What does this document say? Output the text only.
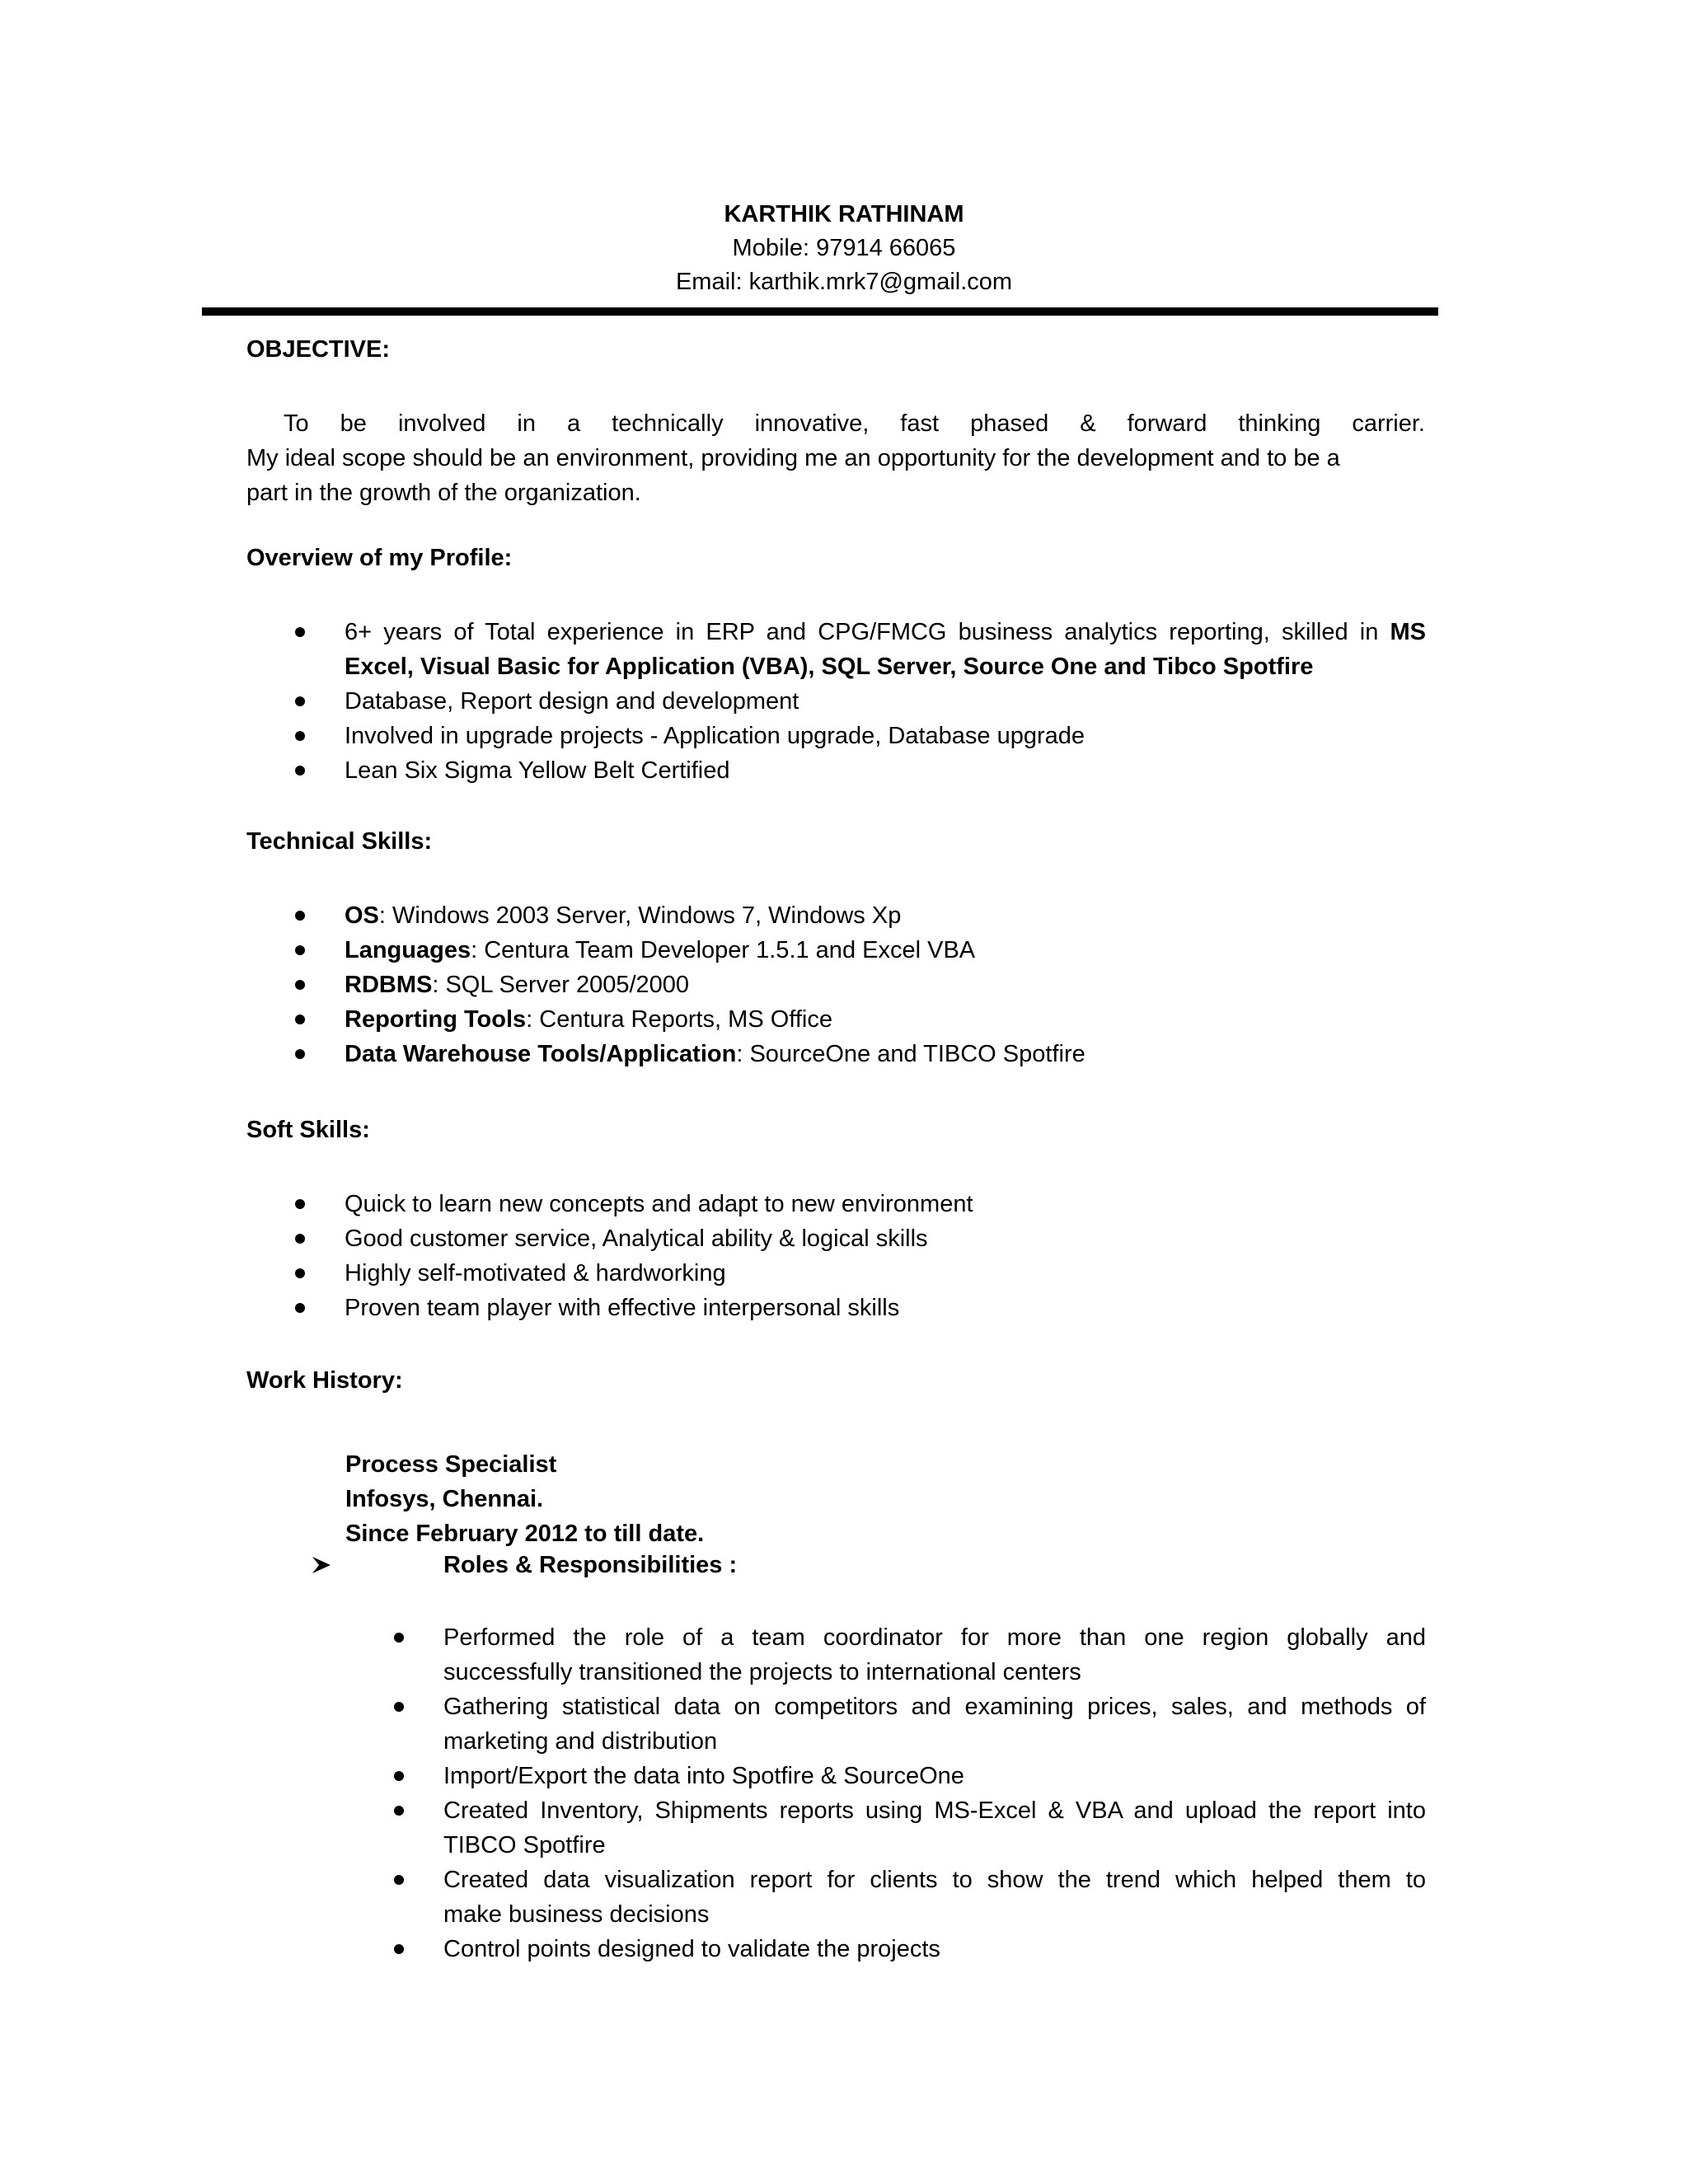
KARTHIK RATHINAM
Mobile: 97914 66065
Email: karthik.mrk7@gmail.com
OBJECTIVE:
To be involved in a technically innovative, fast phased & forward thinking carrier.
My ideal scope should be an environment, providing me an opportunity for the development and to be a
part in the growth of the organization.
Overview of my Profile:
6+ years of Total experience in ERP and CPG/FMCG business analytics reporting, skilled in MS
Excel, Visual Basic for Application (VBA), SQL Server, Source One and Tibco Spotfire
Database, Report design and development
Involved in upgrade projects - Application upgrade, Database upgrade
Lean Six Sigma Yellow Belt Certified
Technical Skills:
OS: Windows 2003 Server, Windows 7, Windows Xp
Languages: Centura Team Developer 1.5.1 and Excel VBA
RDBMS: SQL Server 2005/2000
Reporting Tools: Centura Reports, MS Office
Data Warehouse Tools/Application: SourceOne and TIBCO Spotfire
Soft Skills:
Quick to learn new concepts and adapt to new environment
Good customer service, Analytical ability & logical skills
Highly self-motivated & hardworking
Proven team player with effective interpersonal skills
Work History:
Process Specialist
Infosys, Chennai.
Since February 2012 to till date.
Roles & Responsibilities :
Performed the role of a team coordinator for more than one region globally and
successfully transitioned the projects to international centers
Gathering statistical data on competitors and examining prices, sales, and methods of
marketing and distribution
Import/Export the data into Spotfire & SourceOne
Created Inventory, Shipments reports using MS-Excel & VBA and upload the report into
TIBCO Spotfire
Created data visualization report for clients to show the trend which helped them to
make business decisions
Control points designed to validate the projects
